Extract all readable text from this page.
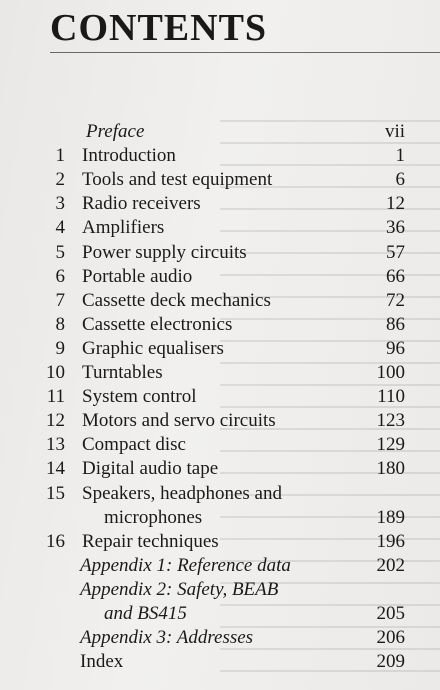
CONTENTS
Preface	vii
1 Introduction	1
2 Tools and test equipment	6
3 Radio receivers	12
4 Amplifiers	36
5 Power supply circuits	57
6 Portable audio	66
7 Cassette deck mechanics	72
8 Cassette electronics	86
9 Graphic equalisers	96
10 Turntables	100
11 System control	110
12 Motors and servo circuits	123
13 Compact disc	129
14 Digital audio tape	180
15 Speakers, headphones and
microphones	189
16 Repair techniques	196
Appendix 1: Reference data	202
Appendix 2: Safety, BEAB
and BS415	205
Appendix 3: Addresses	206
Index	209
